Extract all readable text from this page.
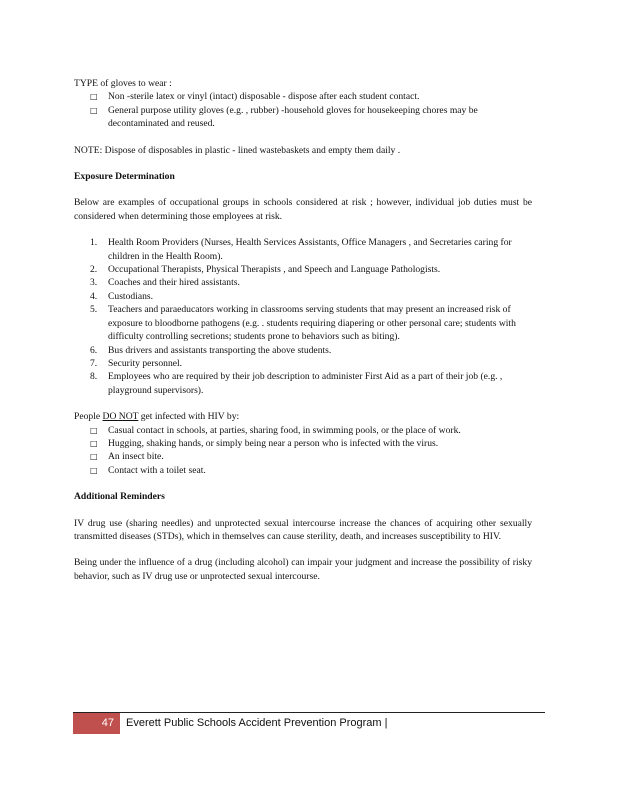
TYPE of gloves to wear :

□ Non -sterile latex or vinyl (intact) disposable - dispose after each student contact.
□ General purpose utility gloves (e.g. , rubber) -household gloves for housekeeping chores may be decontaminated and reused.

NOTE: Dispose of disposables in plastic - lined wastebaskets and empty them daily .

Exposure Determination

Below are examples of occupational groups in schools considered at risk ; however, individual job duties must be considered when determining those employees at risk.

1. Health Room Providers (Nurses, Health Services Assistants, Office Managers , and Secretaries caring for children in the Health Room).
2. Occupational Therapists, Physical Therapists , and Speech and Language Pathologists.
3. Coaches and their hired assistants.
4. Custodians.
5. Teachers and paraeducators working in classrooms serving students that may present an increased risk of exposure to bloodborne pathogens (e.g. . students requiring diapering or other personal care; students with difficulty controlling secretions; students prone to behaviors such as biting).
6. Bus drivers and assistants transporting the above students.
7. Security personnel.
8. Employees who are required by their job description to administer First Aid as a part of their job (e.g. , playground supervisors).

People DO NOT get infected with HIV by:

□ Casual contact in schools, at parties, sharing food, in swimming pools, or the place of work.
□ Hugging, shaking hands, or simply being near a person who is infected with the virus.
□ An insect bite.
□ Contact with a toilet seat.

Additional Reminders

IV drug use (sharing needles) and unprotected sexual intercourse increase the chances of acquiring other sexually transmitted diseases (STDs), which in themselves can cause sterility, death, and increases susceptibility to HIV.

Being under the influence of a drug (including alcohol) can impair your judgment and increase the possibility of risky behavior, such as IV drug use or unprotected sexual intercourse.

47	Everett Public Schools Accident Prevention Program |
